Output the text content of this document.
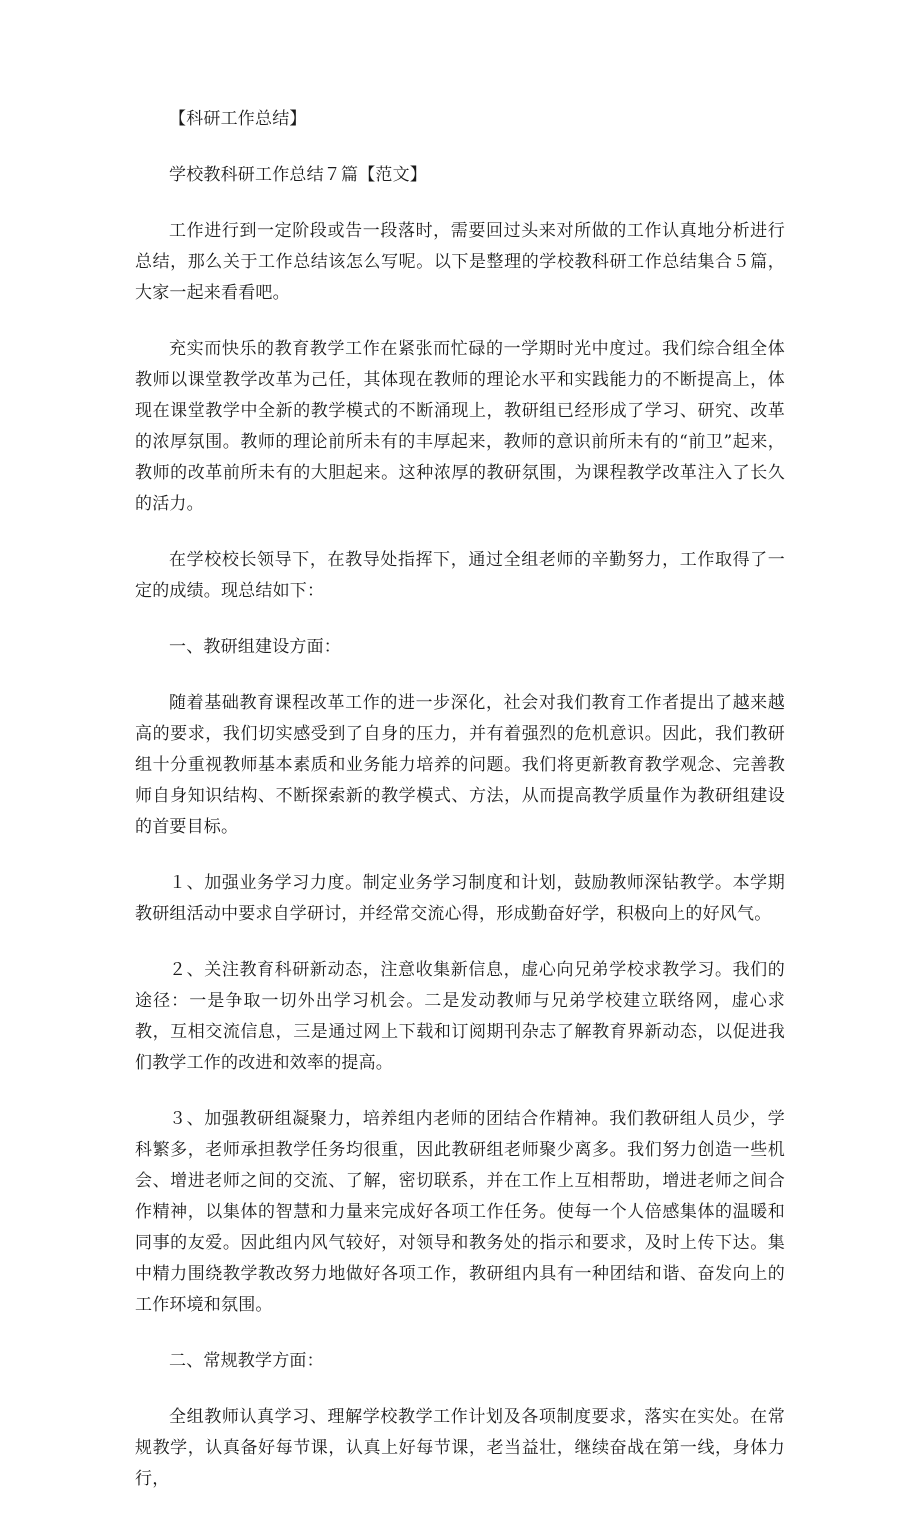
【科研工作总结】

学校教科研工作总结７篇【范文】

工作进行到一定阶段或告一段落时，需要回过头来对所做的工作认真地分析进行总结，那么关于工作总结该怎么写呢。以下是整理的学校教科研工作总结集合５篇，大家一起来看看吧。

充实而快乐的教育教学工作在紧张而忙碌的一学期时光中度过。我们综合组全体教师以课堂教学改革为己任，其体现在教师的理论水平和实践能力的不断提高上，体现在课堂教学中全新的教学模式的不断涌现上，教研组已经形成了学习、研究、改革的浓厚氛围。教师的理论前所未有的丰厚起来，教师的意识前所未有的“前卫”起来，教师的改革前所未有的大胆起来。这种浓厚的教研氛围，为课程教学改革注入了长久的活力。

在学校校长领导下，在教导处指挥下，通过全组老师的辛勤努力，工作取得了一定的成绩。现总结如下：

一、教研组建设方面：

随着基础教育课程改革工作的进一步深化，社会对我们教育工作者提出了越来越高的要求，我们切实感受到了自身的压力，并有着强烈的危机意识。因此，我们教研组十分重视教师基本素质和业务能力培养的问题。我们将更新教育教学观念、完善教师自身知识结构、不断探索新的教学模式、方法，从而提高教学质量作为教研组建设的首要目标。

１、加强业务学习力度。制定业务学习制度和计划，鼓励教师深钻教学。本学期教研组活动中要求自学研讨，并经常交流心得，形成勤奋好学，积极向上的好风气。

２、关注教育科研新动态，注意收集新信息，虚心向兄弟学校求教学习。我们的途径：一是争取一切外出学习机会。二是发动教师与兄弟学校建立联络网，虚心求教，互相交流信息，三是通过网上下载和订阅期刊杂志了解教育界新动态，以促进我们教学工作的改进和效率的提高。

３、加强教研组凝聚力，培养组内老师的团结合作精神。我们教研组人员少，学科繁多，老师承担教学任务均很重，因此教研组老师聚少离多。我们努力创造一些机会、增进老师之间的交流、了解，密切联系，并在工作上互相帮助，增进老师之间合作精神，以集体的智慧和力量来完成好各项工作任务。使每一个人倍感集体的温暖和同事的友爱。因此组内风气较好，对领导和教务处的指示和要求，及时上传下达。集中精力围绕教学教改努力地做好各项工作，教研组内具有一种团结和谐、奋发向上的工作环境和氛围。

二、常规教学方面：

全组教师认真学习、理解学校教学工作计划及各项制度要求，落实在实处。在常规教学，认真备好每节课，认真上好每节课，老当益壮，继续奋战在第一线，身体力行，
